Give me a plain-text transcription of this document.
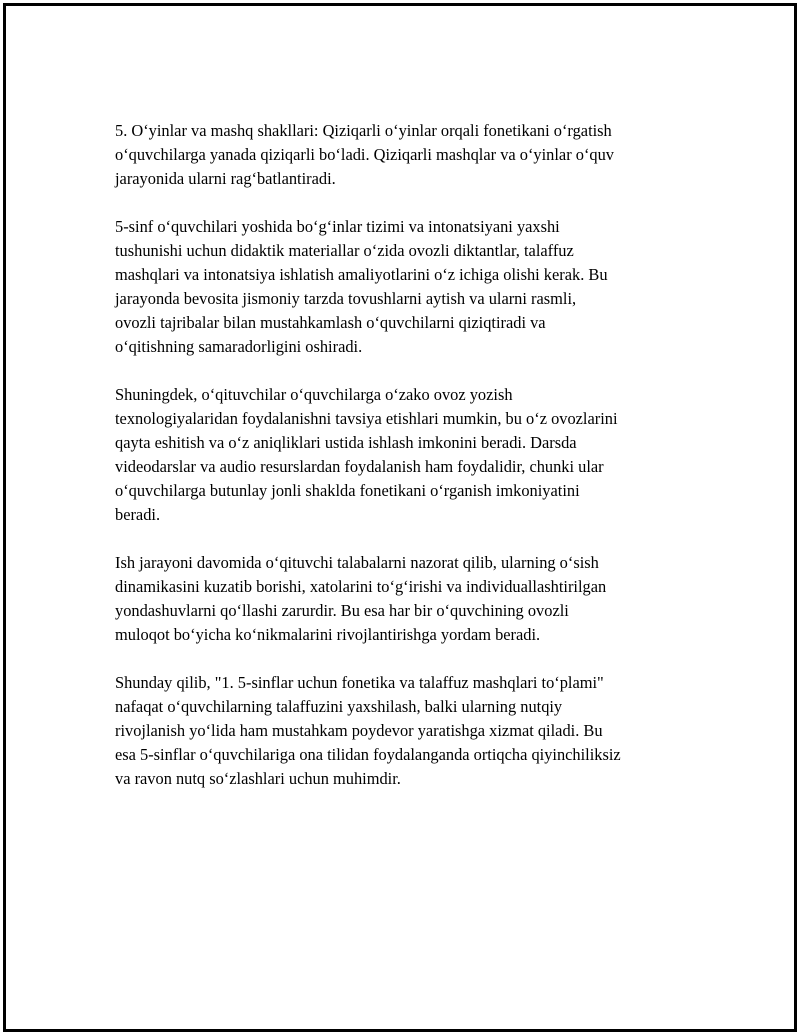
5. O‘yinlar va mashq shakllari: Qiziqarli o‘yinlar orqali fonetikani o‘rgatish
o‘quvchilarga yanada qiziqarli bo‘ladi. Qiziqarli mashqlar va o‘yinlar o‘quv
jarayonida ularni rag‘batlantiradi.

5-sinf o‘quvchilari yoshida bo‘g‘inlar tizimi va intonatsiyani yaxshi
tushunishi uchun didaktik materiallar o‘zida ovozli diktantlar, talaffuz
mashqlari va intonatsiya ishlatish amaliyotlarini o‘z ichiga olishi kerak. Bu
jarayonda bevosita jismoniy tarzda tovushlarni aytish va ularni rasmli,
ovozli tajribalar bilan mustahkamlash o‘quvchilarni qiziqtiradi va
o‘qitishning samaradorligini oshiradi.

Shuningdek, o‘qituvchilar o‘quvchilarga o‘zako ovoz yozish
texnologiyalaridan foydalanishni tavsiya etishlari mumkin, bu o‘z ovozlarini
qayta eshitish va o‘z aniqliklari ustida ishlash imkonini beradi. Darsda
videodarslar va audio resurslardan foydalanish ham foydalidir, chunki ular
o‘quvchilarga butunlay jonli shaklda fonetikani o‘rganish imkoniyatini
beradi.

Ish jarayoni davomida o‘qituvchi talabalarni nazorat qilib, ularning o‘sish
dinamikasini kuzatib borishi, xatolarini to‘g‘irishi va individuallashtirilgan
yondashuvlarni qo‘llashi zarurdir. Bu esa har bir o‘quvchining ovozli
muloqot bo‘yicha ko‘nikmalarini rivojlantirishga yordam beradi.

Shunday qilib, "1. 5-sinflar uchun fonetika va talaffuz mashqlari to‘plami"
nafaqat o‘quvchilarning talaffuzini yaxshilash, balki ularning nutqiy
rivojlanish yo‘lida ham mustahkam poydevor yaratishga xizmat qiladi. Bu
esa 5-sinflar o‘quvchilariga ona tilidan foydalanganda ortiqcha qiyinchiliksiz
va ravon nutq so‘zlashlari uchun muhimdir.
